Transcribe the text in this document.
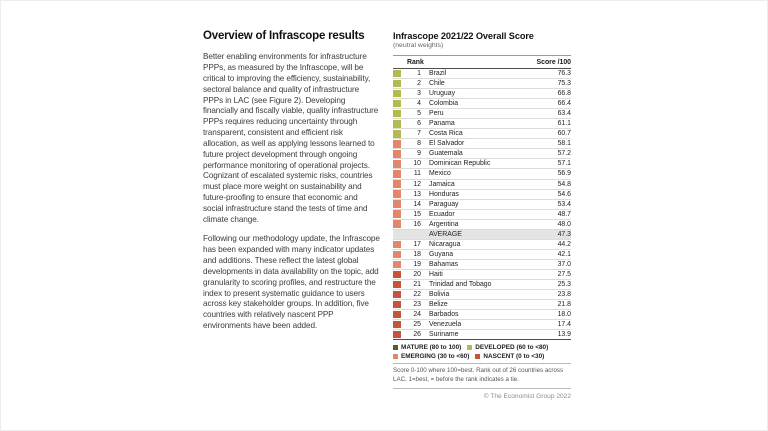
Overview of Infrascope results

Better enabling environments for infrastructure PPPs, as measured by the Infrascope, will be critical to improving the efficiency, sustainability, sectoral balance and quality of infrastructure PPPs in LAC (see Figure 2). Developing financially and fiscally viable, quality infrastructure PPPs requires reducing uncertainty through transparent, consistent and efficient risk allocation, as well as applying lessons learned to future project development through ongoing performance monitoring of operational projects. Cognizant of escalated systemic risks, countries must place more weight on sustainability and future-proofing to ensure that economic and social infrastructure stand the tests of time and climate change.

Following our methodology update, the Infrascope has been expanded with many indicator updates and additions. These reflect the latest global developments in data availability on the topic, add granularity to scoring profiles, and restructure the index to present systematic guidance to users across key stakeholder groups. In addition, five countries with relatively nascent PPP environments have been added.

Infrascope 2021/22 Overall Score
(neutral weights)
Rank	Score /100
1 Brazil	76.3
2 Chile	75.3
3 Uruguay	66.8
4 Colombia	66.4
5 Peru	63.4
6 Panama	61.1
7 Costa Rica	60.7
8 El Salvador	58.1
9 Guatemala	57.2
10 Dominican Republic	57.1
11 Mexico	56.9
12 Jamaica	54.8
13 Honduras	54.6
14 Paraguay	53.4
15 Ecuador	48.7
16 Argentina	48.0
AVERAGE	47.3
17 Nicaragua	44.2
18 Guyana	42.1
19 Bahamas	37.0
20 Haiti	27.5
21 Trinidad and Tobago	25.3
22 Bolivia	23.8
23 Belize	21.8
24 Barbados	18.0
25 Venezuela	17.4
26 Suriname	13.9
MATURE (80 to 100) DEVELOPED (60 to <80)
EMERGING (30 to <60) NASCENT (0 to <30)
Score 0-100 where 100=best. Rank out of 26 countries across LAC. 1=best, = before the rank indicates a tie.
© The Economist Group 2022
